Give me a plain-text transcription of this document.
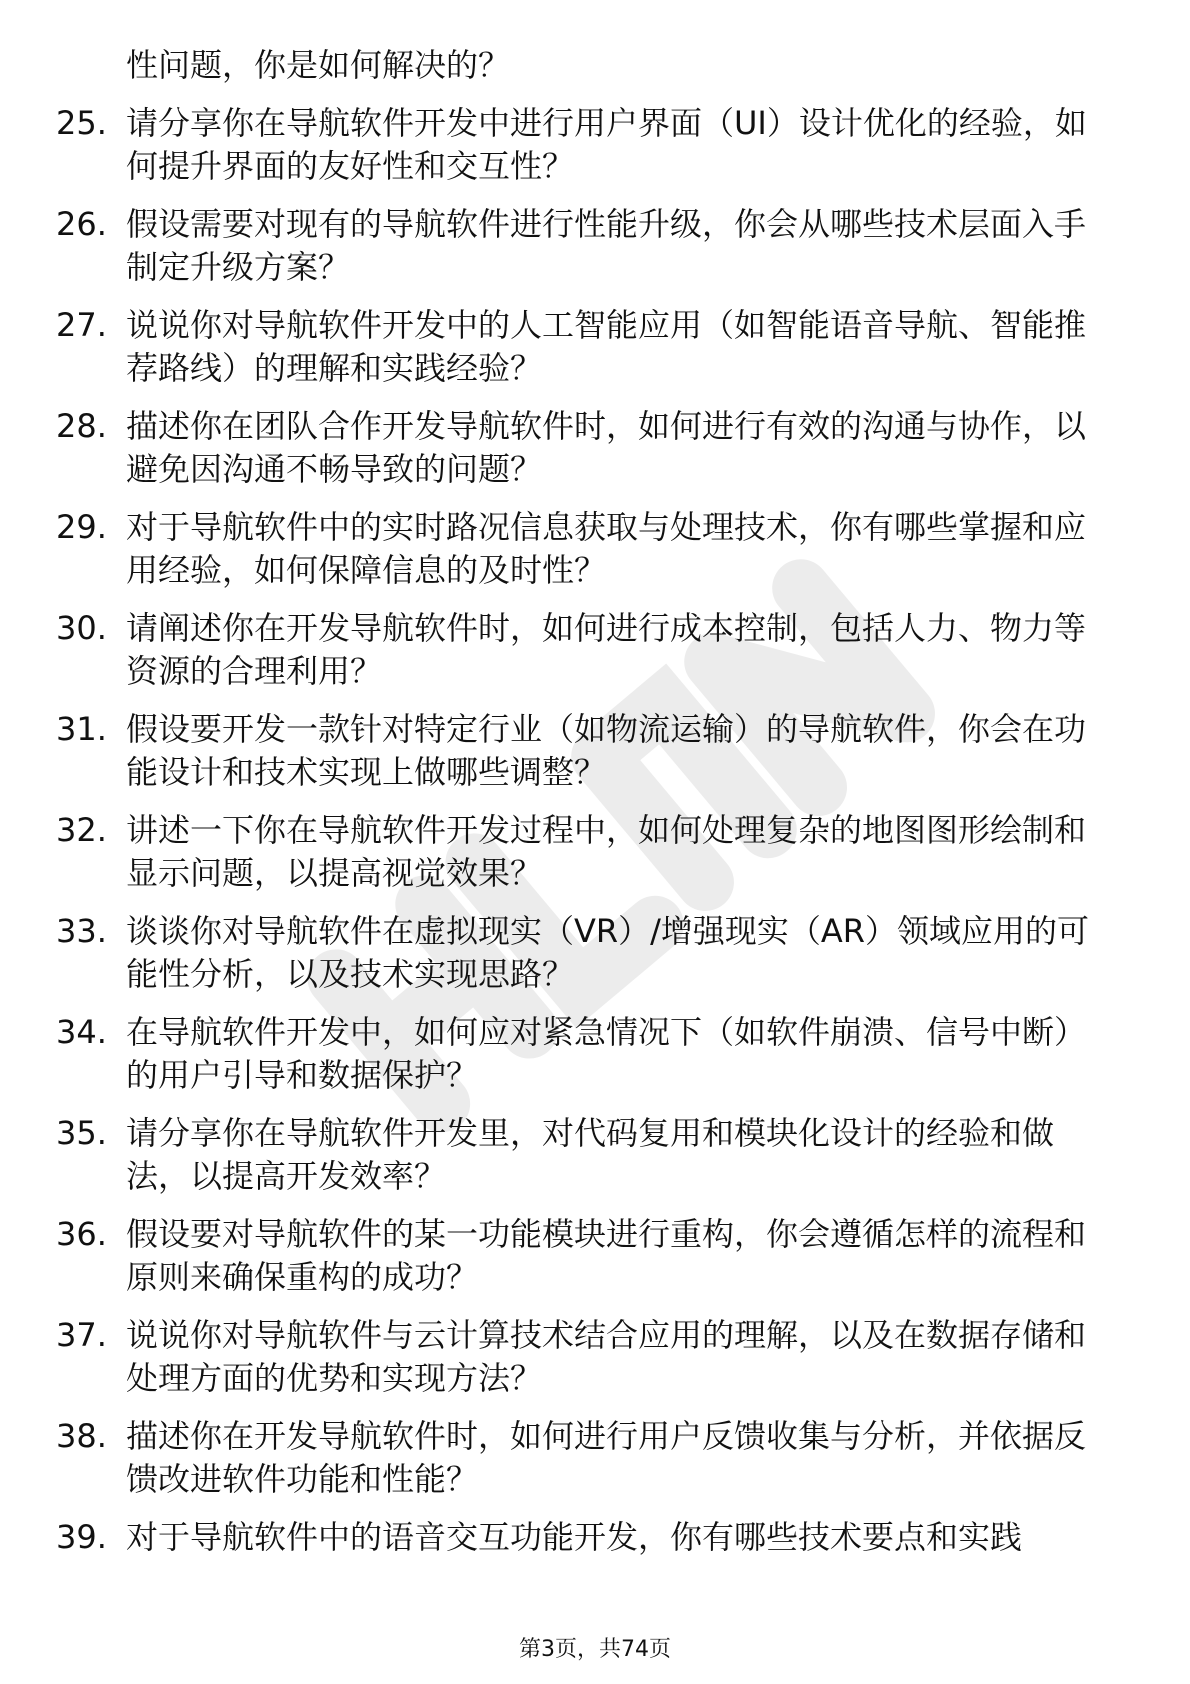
性问题，你是如何解决的？
25. 请分享你在导航软件开发中进行用户界面（UI）设计优化的经验，如何提升界面的友好性和交互性？
26. 假设需要对现有的导航软件进行性能升级，你会从哪些技术层面入手制定升级方案？
27. 说说你对导航软件开发中的人工智能应用（如智能语音导航、智能推荐路线）的理解和实践经验？
28. 描述你在团队合作开发导航软件时，如何进行有效的沟通与协作，以避免因沟通不畅导致的问题？
29. 对于导航软件中的实时路况信息获取与处理技术，你有哪些掌握和应用经验，如何保障信息的及时性？
30. 请阐述你在开发导航软件时，如何进行成本控制，包括人力、物力等资源的合理利用？
31. 假设要开发一款针对特定行业（如物流运输）的导航软件，你会在功能设计和技术实现上做哪些调整？
32. 讲述一下你在导航软件开发过程中，如何处理复杂的地图图形绘制和显示问题，以提高视觉效果？
33. 谈谈你对导航软件在虚拟现实（VR）/增强现实（AR）领域应用的可能性分析，以及技术实现思路？
34. 在导航软件开发中，如何应对紧急情况下（如软件崩溃、信号中断）的用户引导和数据保护？
35. 请分享你在导航软件开发里，对代码复用和模块化设计的经验和做法，以提高开发效率？
36. 假设要对导航软件的某一功能模块进行重构，你会遵循怎样的流程和原则来确保重构的成功？
37. 说说你对导航软件与云计算技术结合应用的理解，以及在数据存储和处理方面的优势和实现方法？
38. 描述你在开发导航软件时，如何进行用户反馈收集与分析，并依据反馈改进软件功能和性能？
39. 对于导航软件中的语音交互功能开发，你有哪些技术要点和实践
第3页，共74页
